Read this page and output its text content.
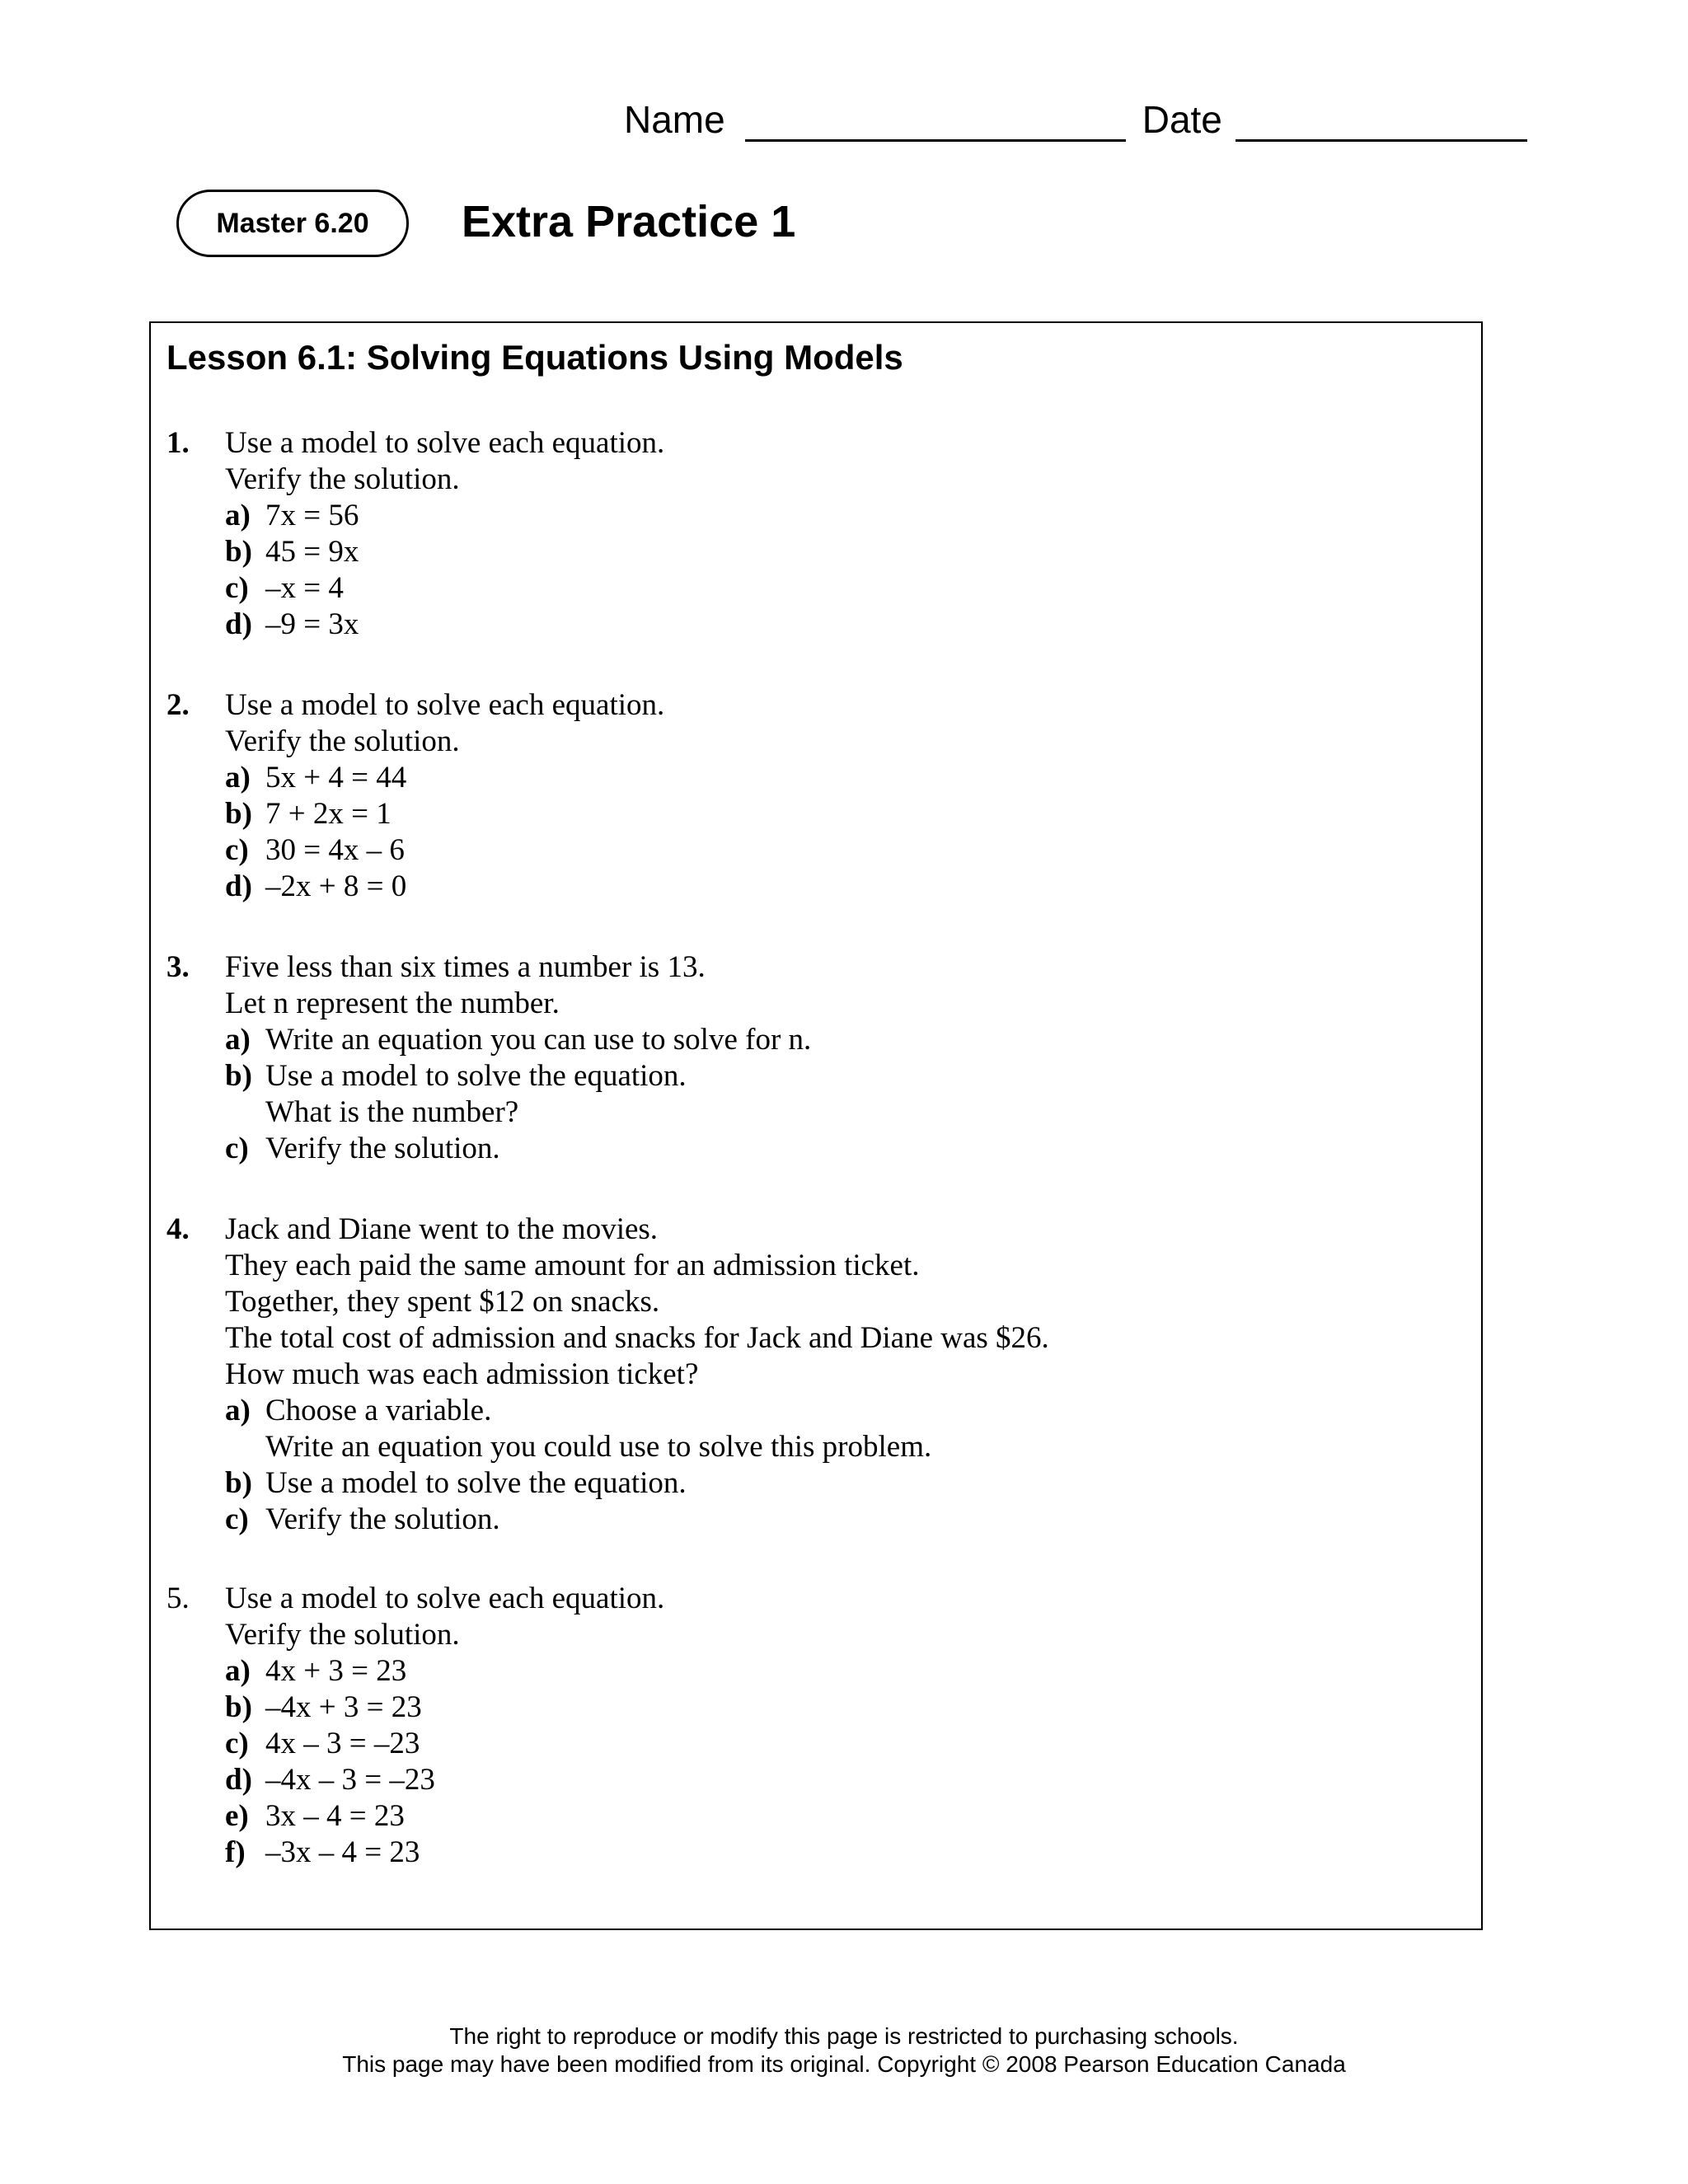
Name	Date
Master 6.20 Extra Practice 1
Lesson 6.1: Solving Equations Using Models
1.	Use a model to solve each equation.
Verify the solution.
a) 7x = 56
b) 45 = 9x
c) –x = 4
d) –9 = 3x
2.	Use a model to solve each equation.
Verify the solution.
a) 5x + 4 = 44
b) 7 + 2x = 1
c) 30 = 4x – 6
d) –2x + 8 = 0
3.	Five less than six times a number is 13.
Let n represent the number.
a) Write an equation you can use to solve for n.
b) Use a model to solve the equation.
What is the number?
c) Verify the solution.
4.	Jack and Diane went to the movies.
They each paid the same amount for an admission ticket.
Together, they spent $12 on snacks.
The total cost of admission and snacks for Jack and Diane was $26.
How much was each admission ticket?
a) Choose a variable.
Write an equation you could use to solve this problem.
b) Use a model to solve the equation.
c) Verify the solution.
5.	Use a model to solve each equation.
Verify the solution.
a) 4x + 3 = 23
b) –4x + 3 = 23
c) 4x – 3 = –23
d) –4x – 3 = –23
e) 3x – 4 = 23
f) –3x – 4 = 23
The right to reproduce or modify this page is restricted to purchasing schools.
This page may have been modified from its original. Copyright © 2008 Pearson Education Canada
